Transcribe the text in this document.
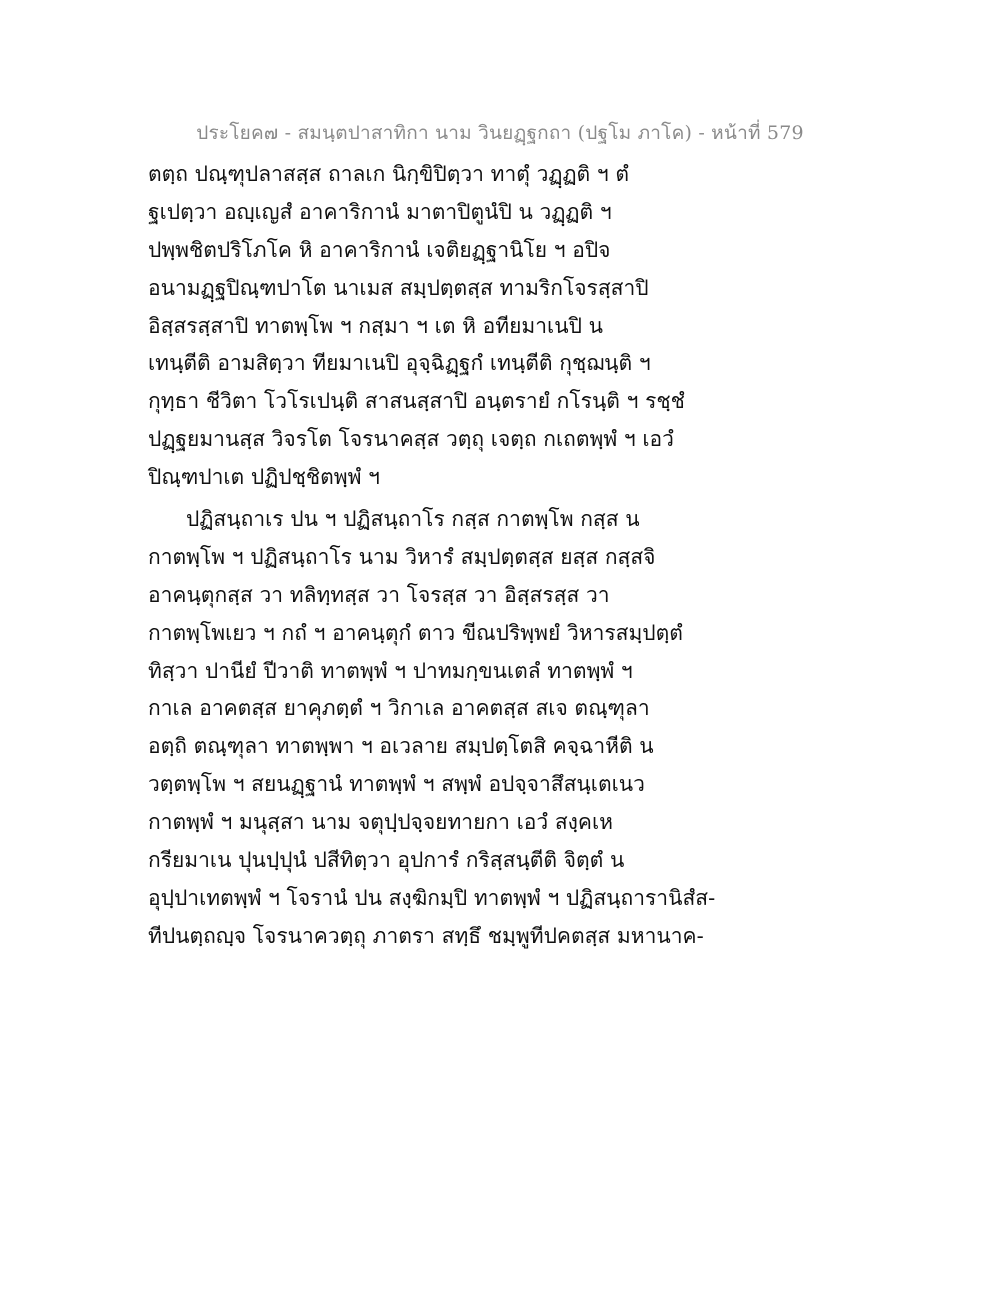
ประโยค๗ - สมนฺตปาสาทิกา นาม วินยฏฺฐกถา (ปฐโม ภาโค) - หน้าที่ 579
ตตฺถ ปณฺฑุปลาสสฺส ถาลเก นิกฺขิปิตฺวา ทาตุํ วฏฺฏติ ฯ ตํ
ฐเปตฺวา อญฺเญสํ อาคาริกานํ มาตาปิตูนํปิ น วฏฺฏติ ฯ
ปพฺพชิตปริโภโค หิ อาคาริกานํ เจติยฏฺฐานิโย ฯ อปิจ
อนามฏฺฐปิณฺฑปาโต นาเมส สมฺปตฺตสฺส ทามริกโจรสฺสาปิ
อิสฺสรสฺสาปิ ทาตพฺโพ ฯ กสฺมา ฯ เต หิ อทียมาเนปิ น
เทนฺตีติ อามสิตฺวา ทียมาเนปิ อุจฺฉิฏฺฐกํ เทนฺตีติ กุชฺฌนฺติ ฯ
กุทฺธา ชีวิตา โวโรเปนฺติ สาสนสฺสาปิ อนฺตรายํ กโรนฺติ ฯ รชฺชํ
ปฏฺฐยมานสฺส วิจรโต โจรนาคสฺส วตฺถุ เจตฺถ กเถตพฺพํ ฯ เอวํ
ปิณฺฑปาเต ปฏิปชฺชิตพฺพํ ฯ
ปฏิสนฺถาเร ปน ฯ ปฏิสนฺถาโร กสฺส กาตพฺโพ กสฺส น
กาตพฺโพ ฯ ปฏิสนฺถาโร นาม วิหารํ สมฺปตฺตสฺส ยสฺส กสฺสจิ
อาคนฺตุกสฺส วา ทลิทฺทสฺส วา โจรสฺส วา อิสฺสรสฺส วา
กาตพฺโพเยว ฯ กถํ ฯ อาคนฺตุกํ ตาว ขีณปริพฺพยํ วิหารสมฺปตฺตํ
ทิสฺวา ปานียํ ปีวาติ ทาตพฺพํ ฯ ปาทมกฺขนเตลํ ทาตพฺพํ ฯ
กาเล อาคตสฺส ยาคุภตฺตํ ฯ วิกาเล อาคตสฺส สเจ ตณฺฑุลา
อตฺถิ ตณฺฑุลา ทาตพฺพา ฯ อเวลาย สมฺปตฺโตสิ คจฺฉาหีติ น
วตฺตพฺโพ ฯ สยนฏฺฐานํ ทาตพฺพํ ฯ สพฺพํ อปจฺจาสึสนฺเตเนว
กาตพฺพํ ฯ มนุสฺสา นาม จตุปฺปจฺจยทายกา เอวํ สงฺคเห
กรียมาเน ปุนปฺปุนํ ปสีทิตฺวา อุปการํ กริสฺสนฺตีติ จิตฺตํ น
อุปฺปาเทตพฺพํ ฯ โจรานํ ปน สงฺฆิกมฺปิ ทาตพฺพํ ฯ ปฏิสนฺถารานิสํส-
ทีปนตฺถญฺจ โจรนาควตฺถุ ภาตรา สทฺธึ ชมฺพูทีปคตสฺส มหานาค-
